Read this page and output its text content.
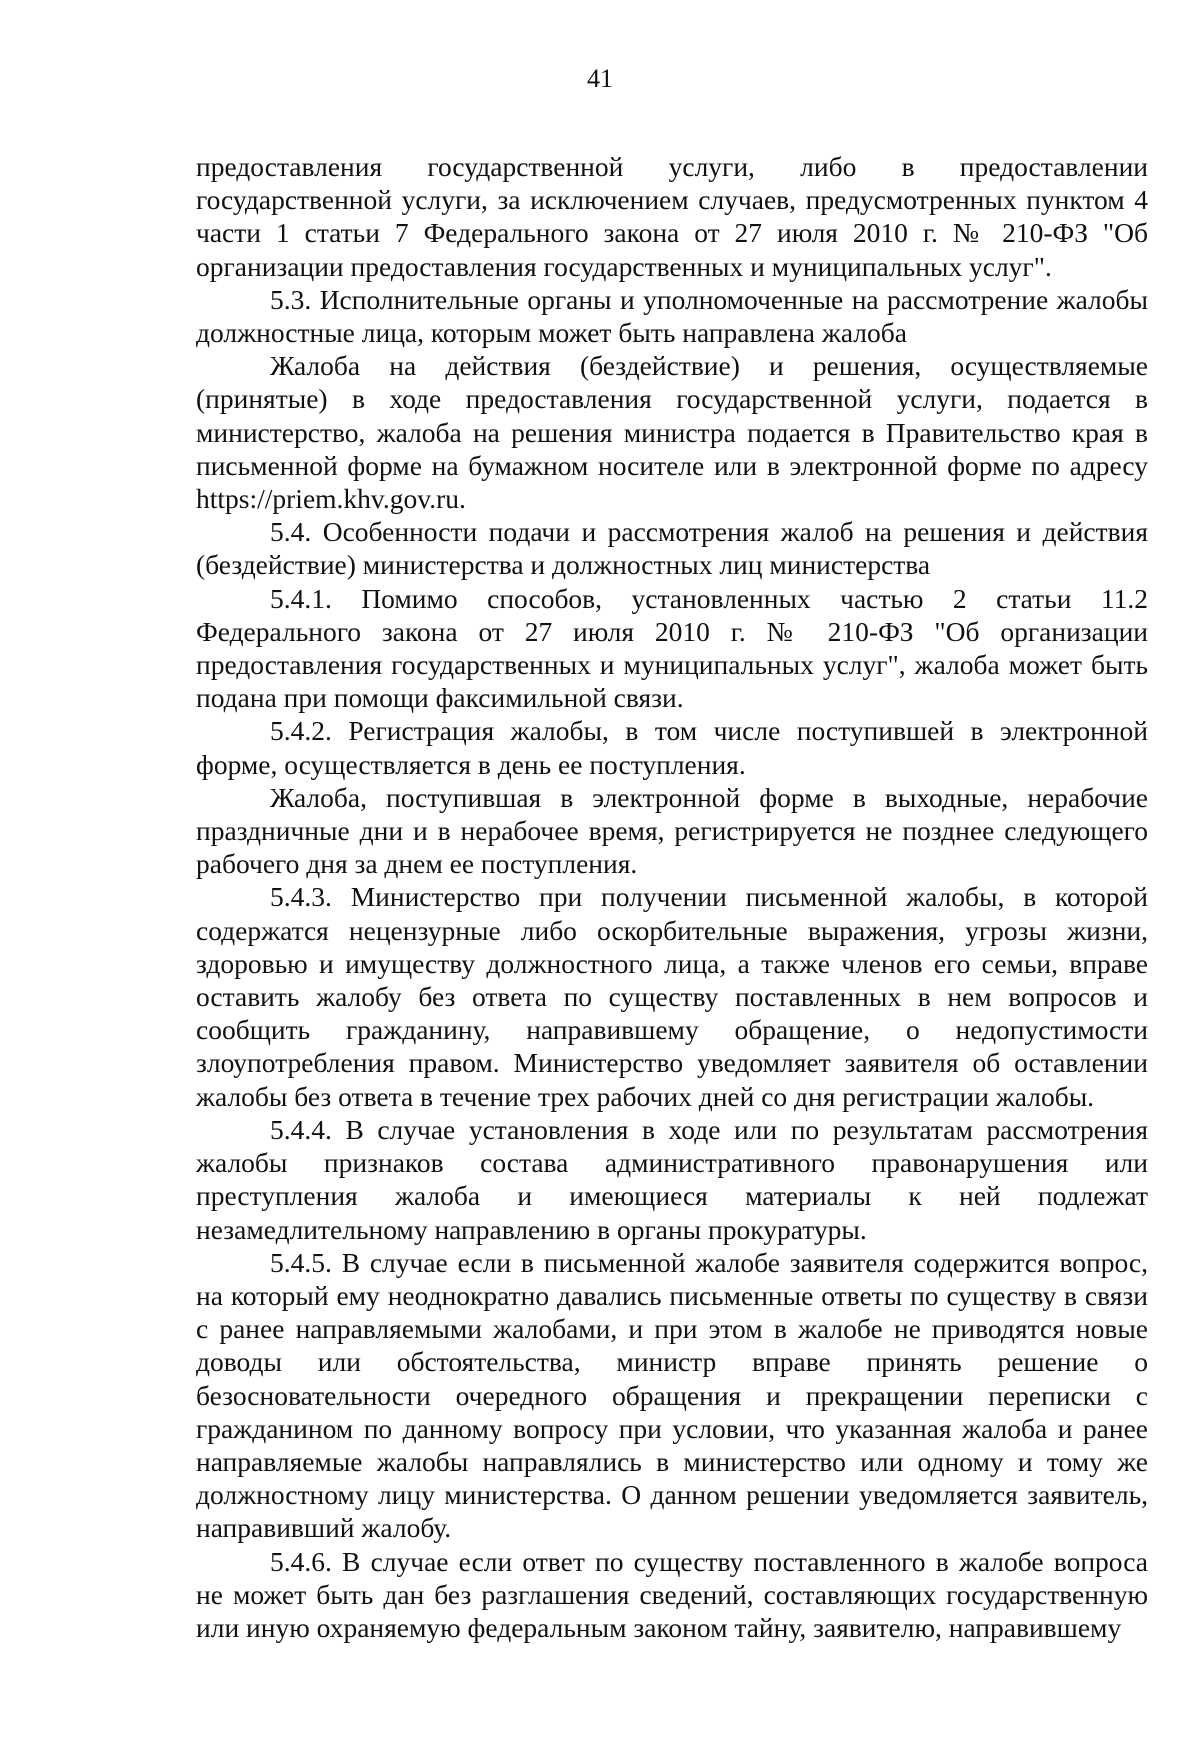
41

предоставления государственной услуги, либо в предоставлении государственной услуги, за исключением случаев, предусмотренных пунктом 4 части 1 статьи 7 Федерального закона от 27 июля 2010 г. № 210-ФЗ "Об организации предоставления государственных и муниципальных услуг".

5.3. Исполнительные органы и уполномоченные на рассмотрение жалобы должностные лица, которым может быть направлена жалоба

Жалоба на действия (бездействие) и решения, осуществляемые (принятые) в ходе предоставления государственной услуги, подается в министерство, жалоба на решения министра подается в Правительство края в письменной форме на бумажном носителе или в электронной форме по адресу https://priem.khv.gov.ru.

5.4. Особенности подачи и рассмотрения жалоб на решения и действия (бездействие) министерства и должностных лиц министерства

5.4.1. Помимо способов, установленных частью 2 статьи 11.2 Федерального закона от 27 июля 2010 г. № 210-ФЗ "Об организации предоставления государственных и муниципальных услуг", жалоба может быть подана при помощи факсимильной связи.

5.4.2. Регистрация жалобы, в том числе поступившей в электронной форме, осуществляется в день ее поступления.

Жалоба, поступившая в электронной форме в выходные, нерабочие праздничные дни и в нерабочее время, регистрируется не позднее следующего рабочего дня за днем ее поступления.

5.4.3. Министерство при получении письменной жалобы, в которой содержатся нецензурные либо оскорбительные выражения, угрозы жизни, здоровью и имуществу должностного лица, а также членов его семьи, вправе оставить жалобу без ответа по существу поставленных в нем вопросов и сообщить гражданину, направившему обращение, о недопустимости злоупотребления правом. Министерство уведомляет заявителя об оставлении жалобы без ответа в течение трех рабочих дней со дня регистрации жалобы.

5.4.4. В случае установления в ходе или по результатам рассмотрения жалобы признаков состава административного правонарушения или преступления жалоба и имеющиеся материалы к ней подлежат незамедлительному направлению в органы прокуратуры.

5.4.5. В случае если в письменной жалобе заявителя содержится вопрос, на который ему неоднократно давались письменные ответы по существу в связи с ранее направляемыми жалобами, и при этом в жалобе не приводятся новые доводы или обстоятельства, министр вправе принять решение о безосновательности очередного обращения и прекращении переписки с гражданином по данному вопросу при условии, что указанная жалоба и ранее направляемые жалобы направлялись в министерство или одному и тому же должностному лицу министерства. О данном решении уведомляется заявитель, направивший жалобу.

5.4.6. В случае если ответ по существу поставленного в жалобе вопроса не может быть дан без разглашения сведений, составляющих государственную или иную охраняемую федеральным законом тайну, заявителю, направившему
